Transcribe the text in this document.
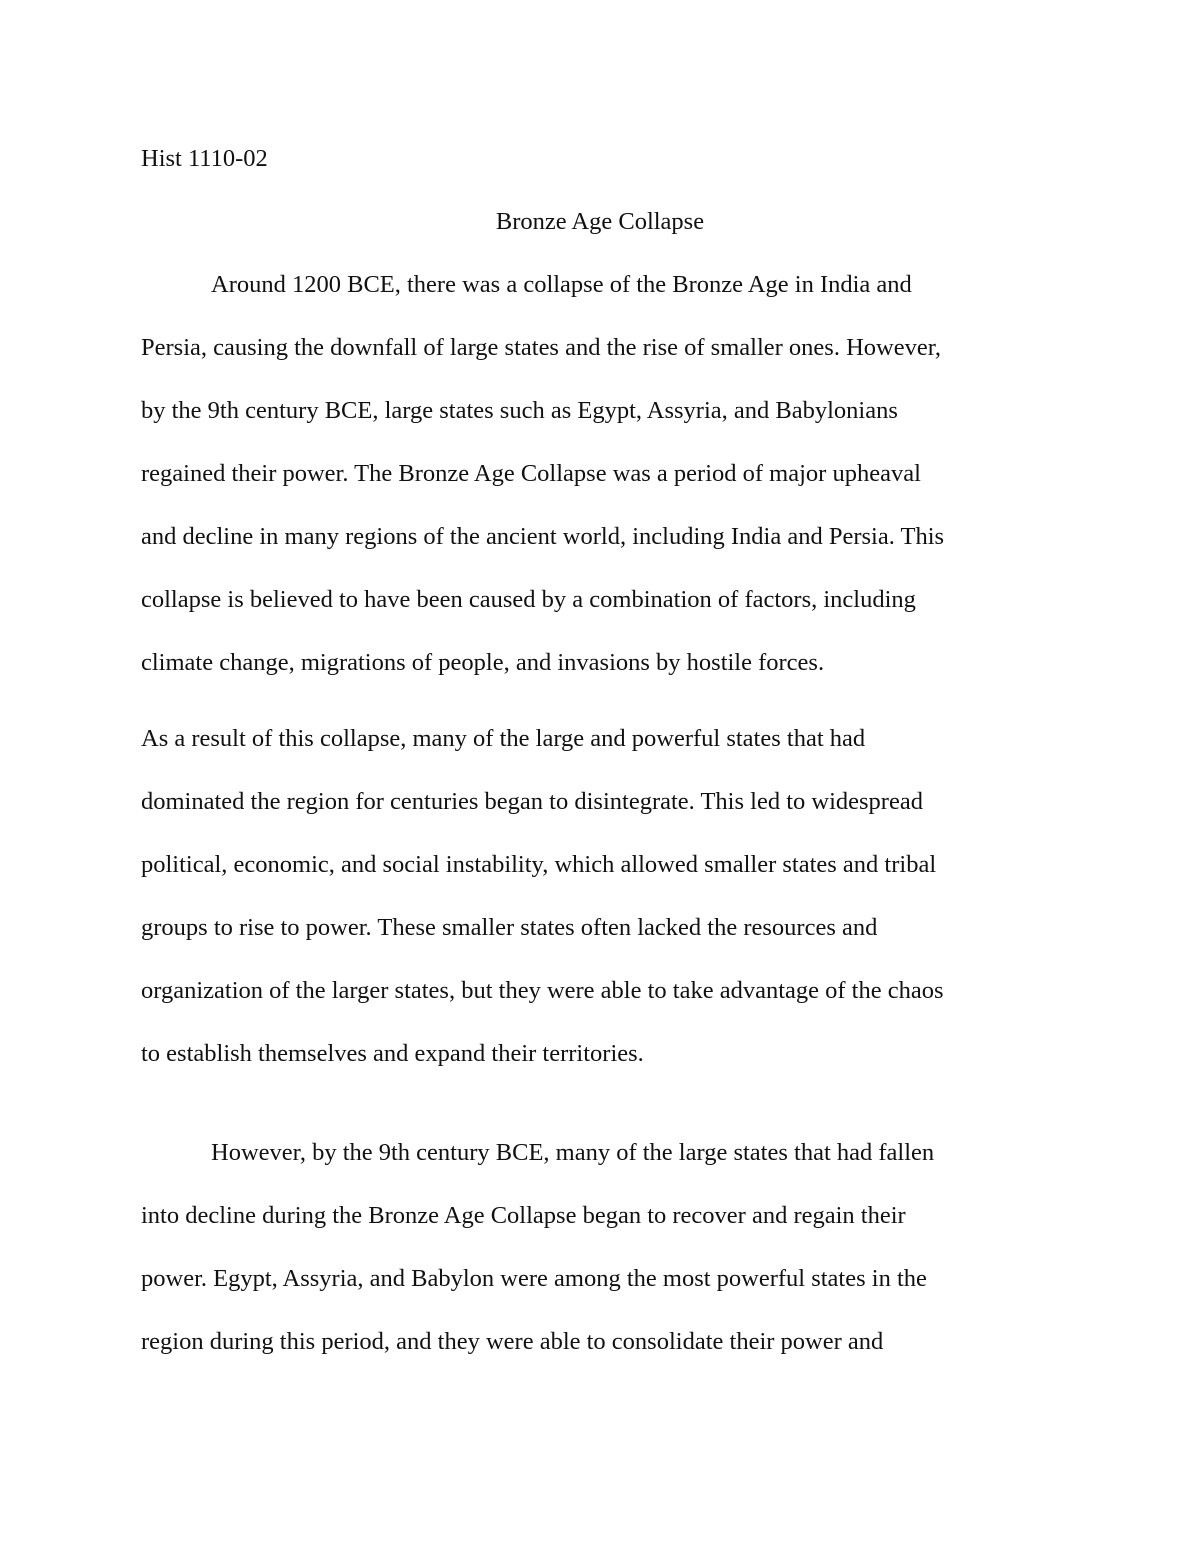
Hist 1110-02

Bronze Age Collapse
Around 1200 BCE, there was a collapse of the Bronze Age in India and
Persia, causing the downfall of large states and the rise of smaller ones. However,
by the 9th century BCE, large states such as Egypt, Assyria, and Babylonians
regained their power. The Bronze Age Collapse was a period of major upheaval
and decline in many regions of the ancient world, including India and Persia. This
collapse is believed to have been caused by a combination of factors, including
climate change, migrations of people, and invasions by hostile forces.
As a result of this collapse, many of the large and powerful states that had
dominated the region for centuries began to disintegrate. This led to widespread
political, economic, and social instability, which allowed smaller states and tribal
groups to rise to power. These smaller states often lacked the resources and
organization of the larger states, but they were able to take advantage of the chaos
to establish themselves and expand their territories.
However, by the 9th century BCE, many of the large states that had fallen
into decline during the Bronze Age Collapse began to recover and regain their
power. Egypt, Assyria, and Babylon were among the most powerful states in the
region during this period, and they were able to consolidate their power and
